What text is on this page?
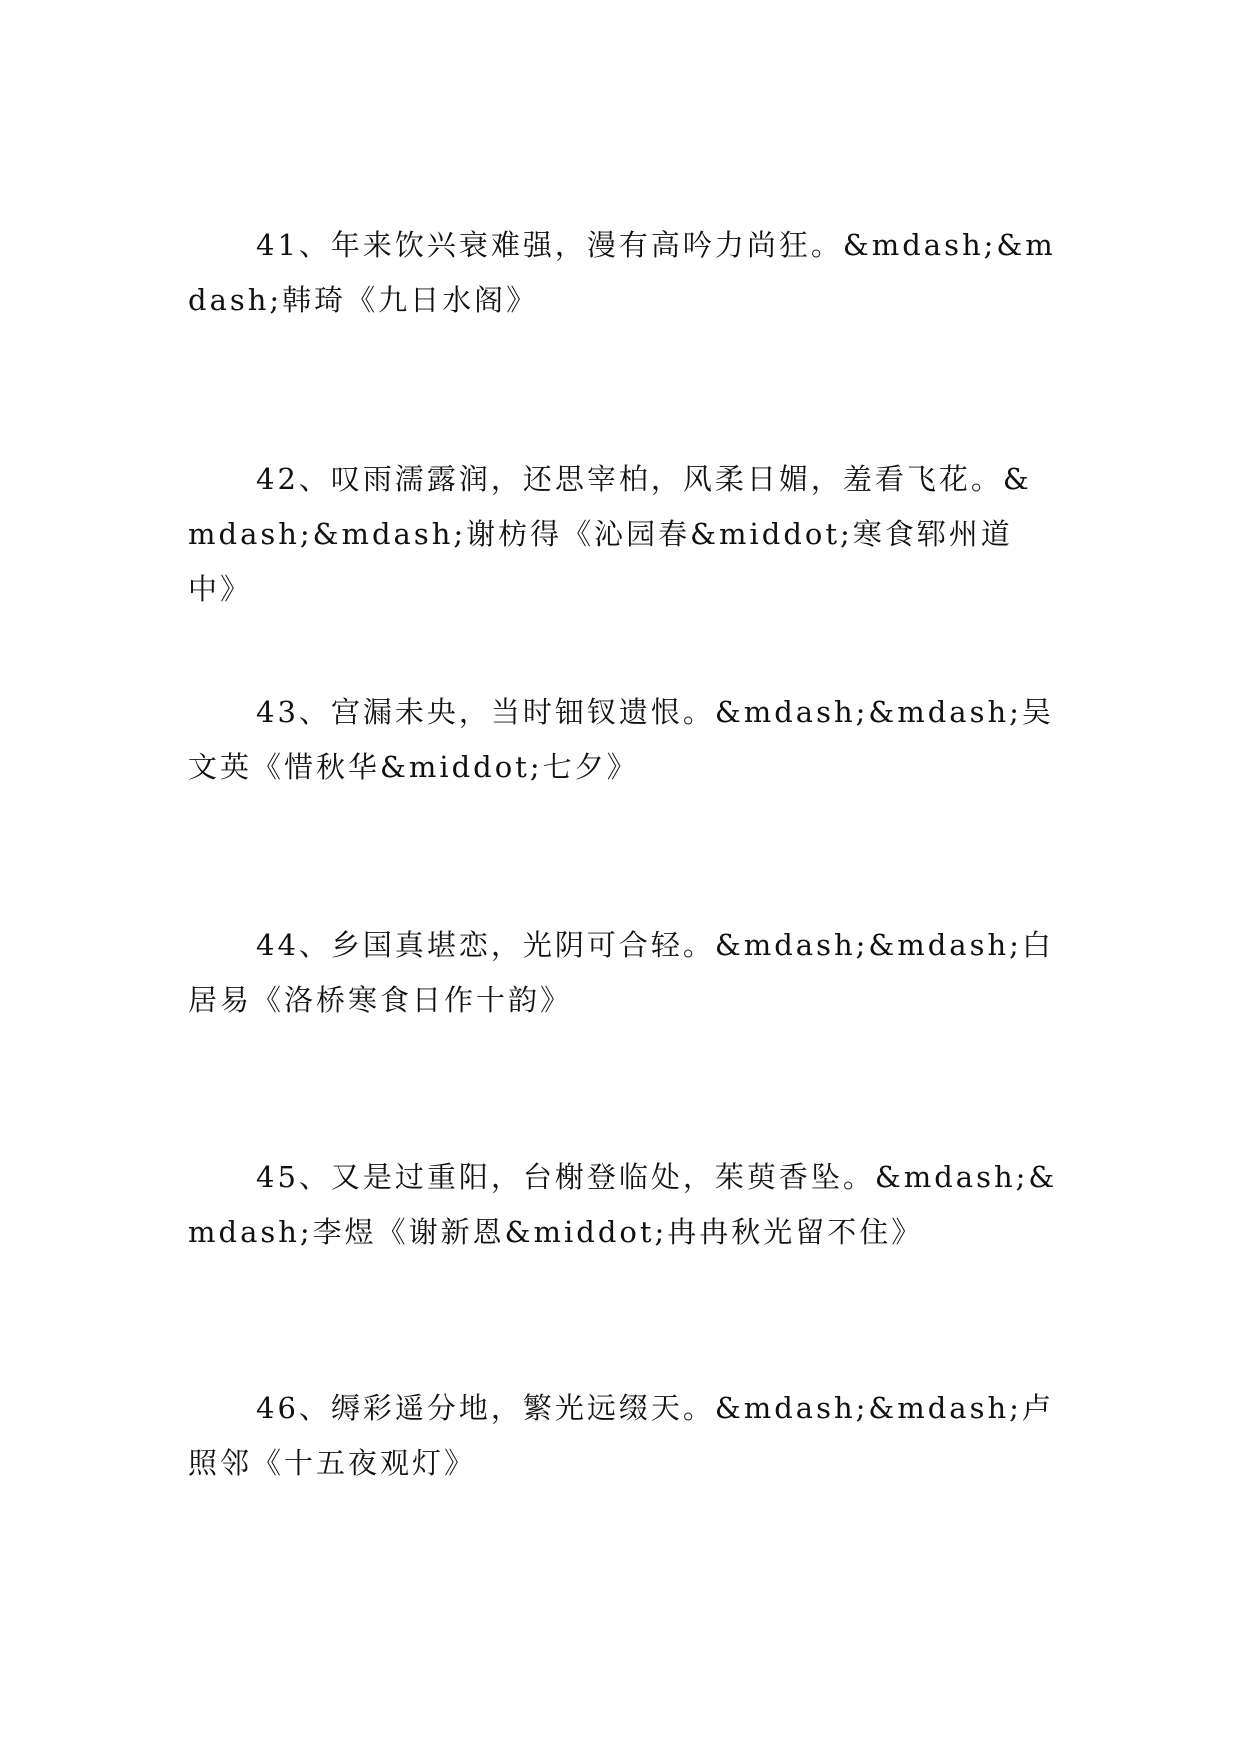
41、年来饮兴衰难强，漫有高吟力尚狂。&mdash;&mdash;韩琦《九日水阁》

42、叹雨濡露润，还思宰柏，风柔日媚，羞看飞花。&mdash;&mdash;谢枋得《沁园春&middot;寒食郓州道中》

43、宫漏未央，当时钿钗遗恨。&mdash;&mdash;吴文英《惜秋华&middot;七夕》

44、乡国真堪恋，光阴可合轻。&mdash;&mdash;白居易《洛桥寒食日作十韵》

45、又是过重阳，台榭登临处，茱萸香坠。&mdash;&mdash;李煜《谢新恩&middot;冉冉秋光留不住》

46、缛彩遥分地，繁光远缀天。&mdash;&mdash;卢照邻《十五夜观灯》
